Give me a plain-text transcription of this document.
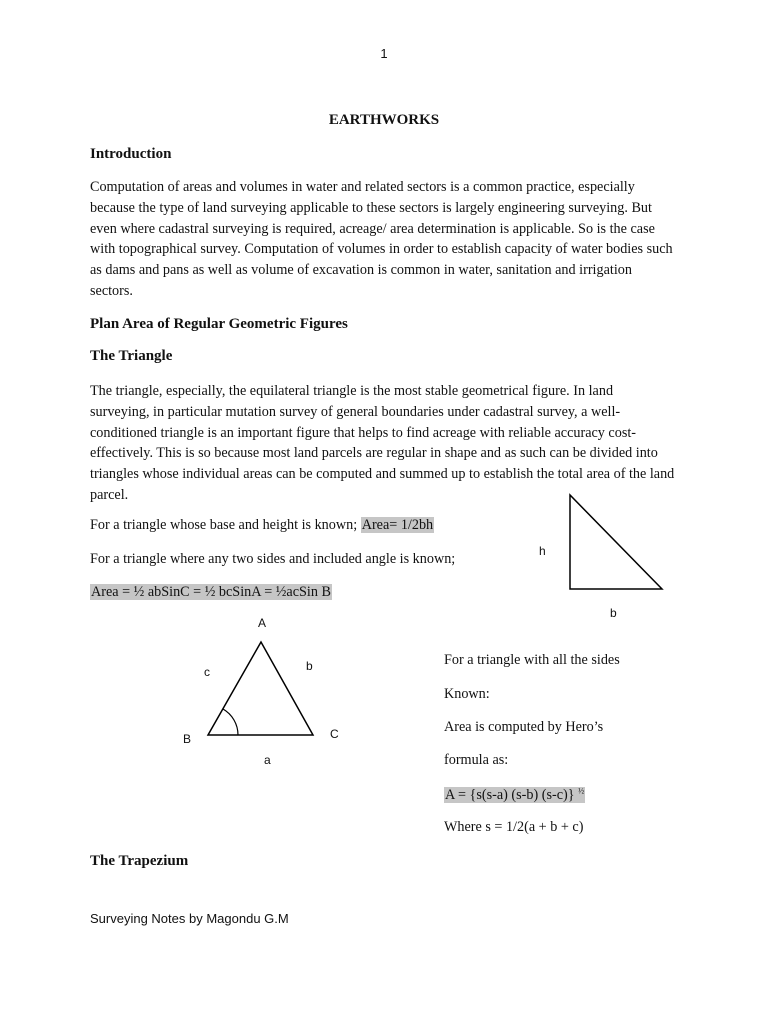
1
EARTHWORKS
Introduction
Computation of areas and volumes in water and related sectors is a common practice, especially because the type of land surveying applicable to these sectors is largely engineering surveying. But even where cadastral surveying is required, acreage/ area determination is applicable. So is the case with topographical survey. Computation of volumes in order to establish capacity of water bodies such as dams and pans as well as volume of excavation is common in water, sanitation and irrigation sectors.
Plan Area of Regular Geometric Figures
The Triangle
The triangle, especially, the equilateral triangle is the most stable geometrical figure. In land surveying, in particular mutation survey of general boundaries under cadastral survey, a well-conditioned triangle is an important figure that helps to find acreage with reliable accuracy cost-effectively. This is so because most land parcels are regular in shape and as such can be divided into triangles whose individual areas can be computed and summed up to establish the total area of the land parcel.
For a triangle whose base and height is known; Area= 1/2bh
For a triangle where any two sides and included angle is known;
Area = ½ abSinC = ½ bcSinA = ½acSin B
h
b
A
c	b
B	C
a
For a triangle with all the sides
Known:
Area is computed by Hero’s
formula as:
A = {s(s-a) (s-b) (s-c)} $^{\frac{1}{2}}$
Where s = 1/2(a + b + c)
The Trapezium
Surveying Notes by Magondu G.M
